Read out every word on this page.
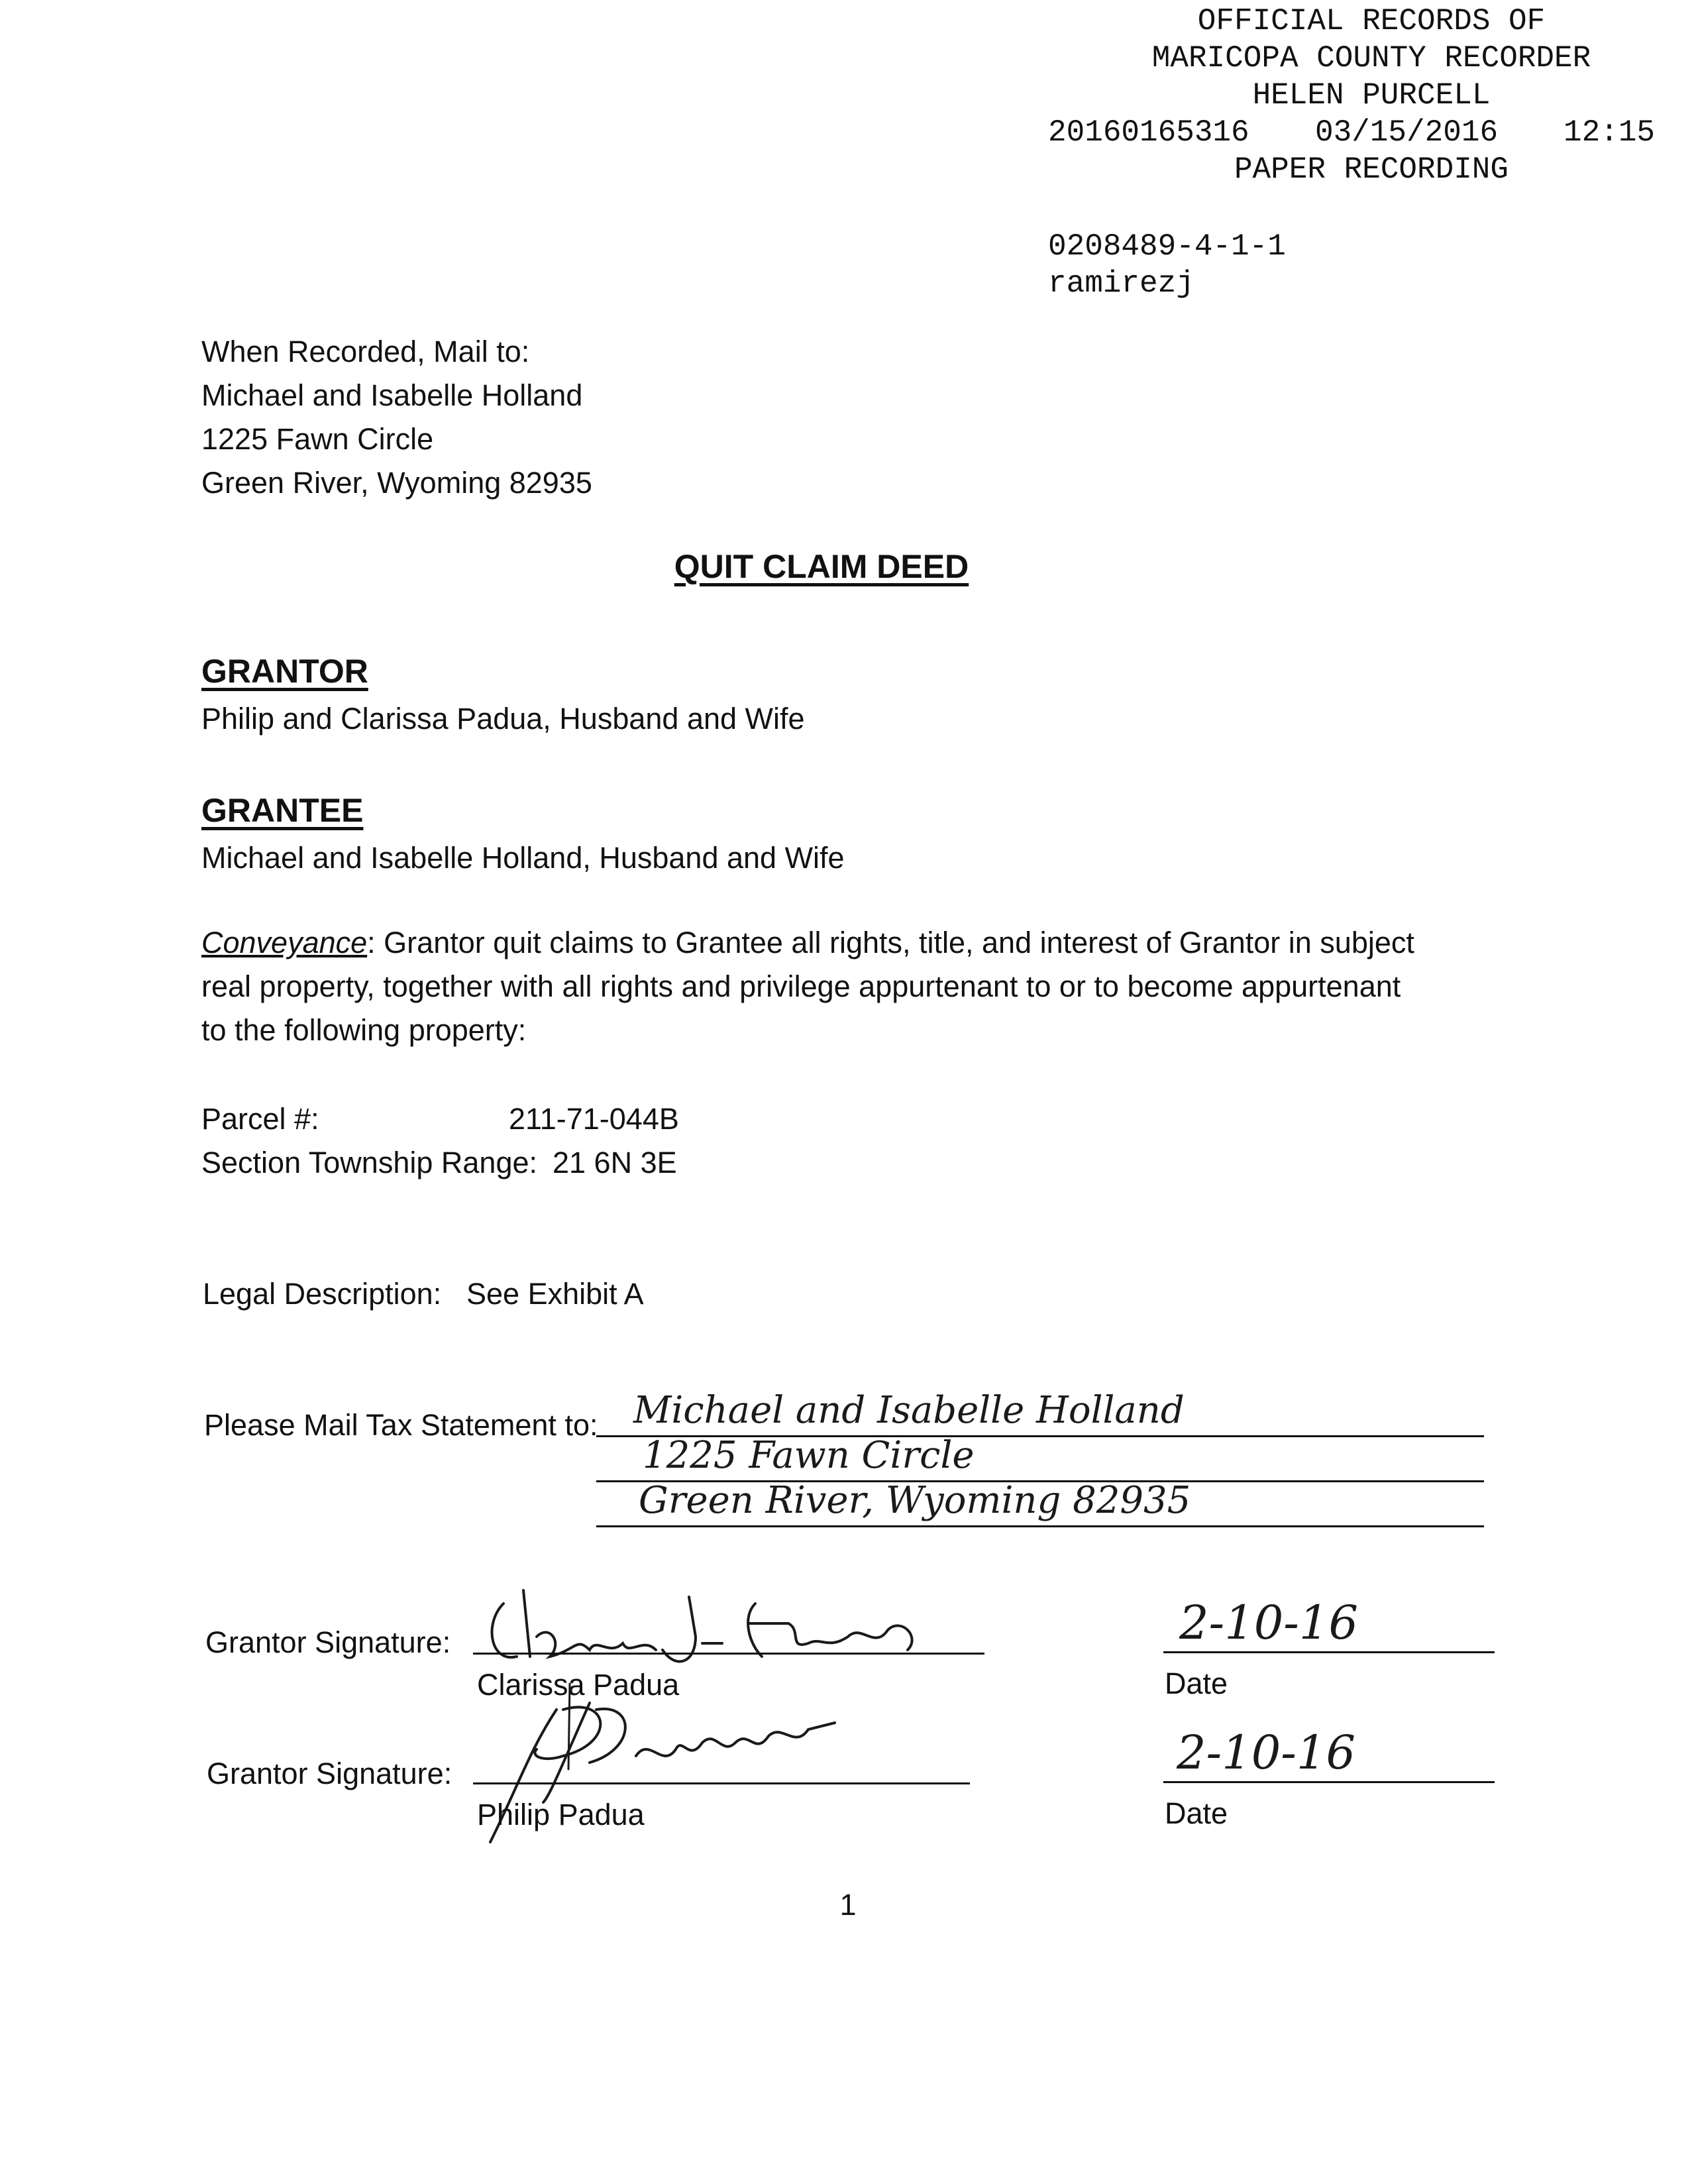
OFFICIAL RECORDS OF
MARICOPA COUNTY RECORDER
HELEN PURCELL
20160165316 03/15/2016 12:15
PAPER RECORDING
0208489-4-1-1
ramirezj
When Recorded, Mail to:
Michael and Isabelle Holland
1225 Fawn Circle
Green River, Wyoming 82935
QUIT CLAIM DEED
GRANTOR
Philip and Clarissa Padua, Husband and Wife
GRANTEE
Michael and Isabelle Holland, Husband and Wife
Conveyance: Grantor quit claims to Grantee all rights, title, and interest of Grantor in subject
real property, together with all rights and privilege appurtenant to or to become appurtenant
to the following property:
Parcel #:	211-71-044B
Section Township Range: 21 6N 3E
Legal Description: See Exhibit A
Please Mail Tax Statement to: Michael and Isabelle Holland
1225 Fawn Circle
Green River, Wyoming 82935
Grantor Signature:
Clarissa Padua
2-10-16
Date
Grantor Signature:
Philip Padua
2-10-16
Date
1
